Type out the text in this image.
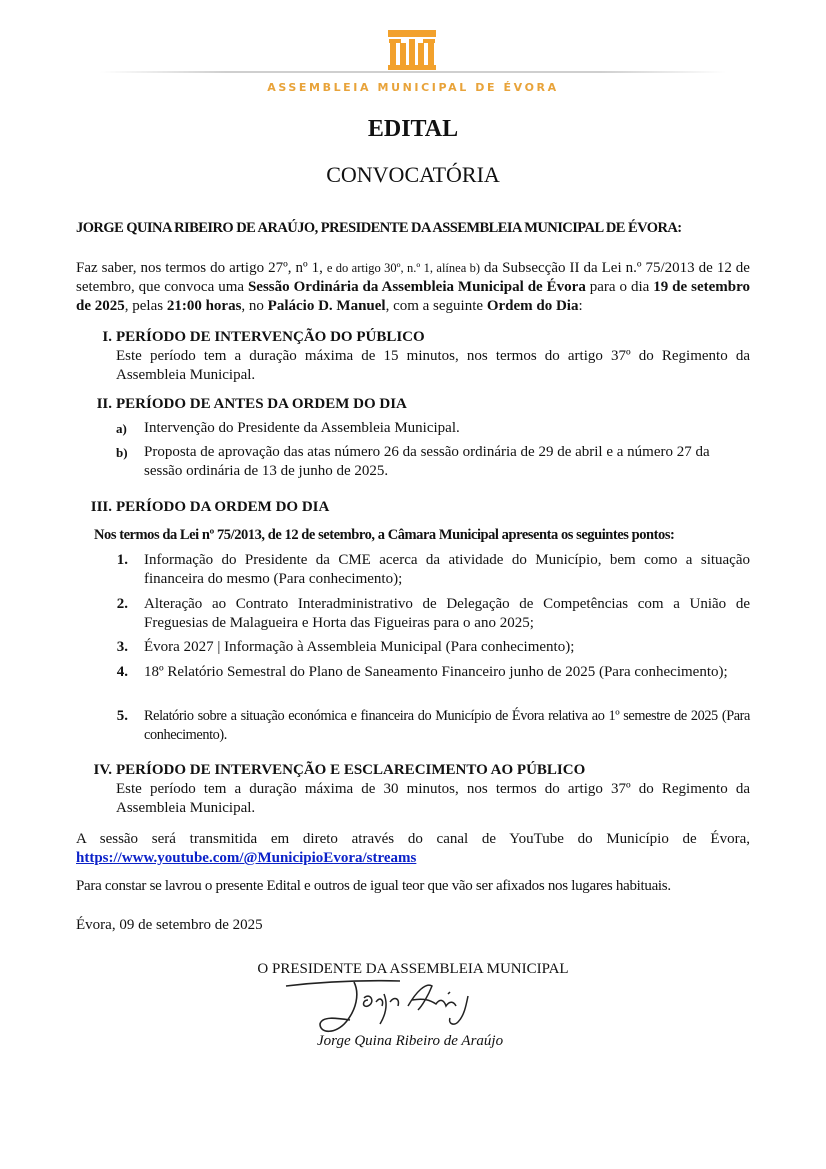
ASSEMBLEIA MUNICIPAL DE ÉVORA
EDITAL
CONVOCATÓRIA
JORGE QUINA RIBEIRO DE ARAÚJO, PRESIDENTE DA ASSEMBLEIA MUNICIPAL DE ÉVORA:
Faz saber, nos termos do artigo 27º, nº 1, e do artigo 30º, n.º 1, alínea b) da Subsecção II da Lei n.º 75/2013 de 12 de setembro, que convoca uma Sessão Ordinária da Assembleia Municipal de Évora para o dia 19 de setembro de 2025, pelas 21:00 horas, no Palácio D. Manuel, com a seguinte Ordem do Dia:
I. PERÍODO DE INTERVENÇÃO DO PÚBLICO
Este período tem a duração máxima de 15 minutos, nos termos do artigo 37º do Regimento da Assembleia Municipal.
II. PERÍODO DE ANTES DA ORDEM DO DIA
a) Intervenção do Presidente da Assembleia Municipal.
b) Proposta de aprovação das atas número 26 da sessão ordinária de 29 de abril e a número 27 da sessão ordinária de 13 de junho de 2025.
III. PERÍODO DA ORDEM DO DIA
Nos termos da Lei nº 75/2013, de 12 de setembro, a Câmara Municipal apresenta os seguintes pontos:
1. Informação do Presidente da CME acerca da atividade do Município, bem como a situação financeira do mesmo (Para conhecimento);
2. Alteração ao Contrato Interadministrativo de Delegação de Competências com a União de Freguesias de Malagueira e Horta das Figueiras para o ano 2025;
3. Évora 2027 | Informação à Assembleia Municipal (Para conhecimento);
4. 18º Relatório Semestral do Plano de Saneamento Financeiro junho de 2025 (Para conhecimento);
5. Relatório sobre a situação económica e financeira do Município de Évora relativa ao 1º semestre de 2025 (Para conhecimento).
IV. PERÍODO DE INTERVENÇÃO E ESCLARECIMENTO AO PÚBLICO
Este período tem a duração máxima de 30 minutos, nos termos do artigo 37º do Regimento da Assembleia Municipal.
A sessão será transmitida em direto através do canal de YouTube do Município de Évora, https://www.youtube.com/@MunicipioEvora/streams
Para constar se lavrou o presente Edital e outros de igual teor que vão ser afixados nos lugares habituais.
Évora, 09 de setembro de 2025
O PRESIDENTE DA ASSEMBLEIA MUNICIPAL
Jorge Quina Ribeiro de Araújo
